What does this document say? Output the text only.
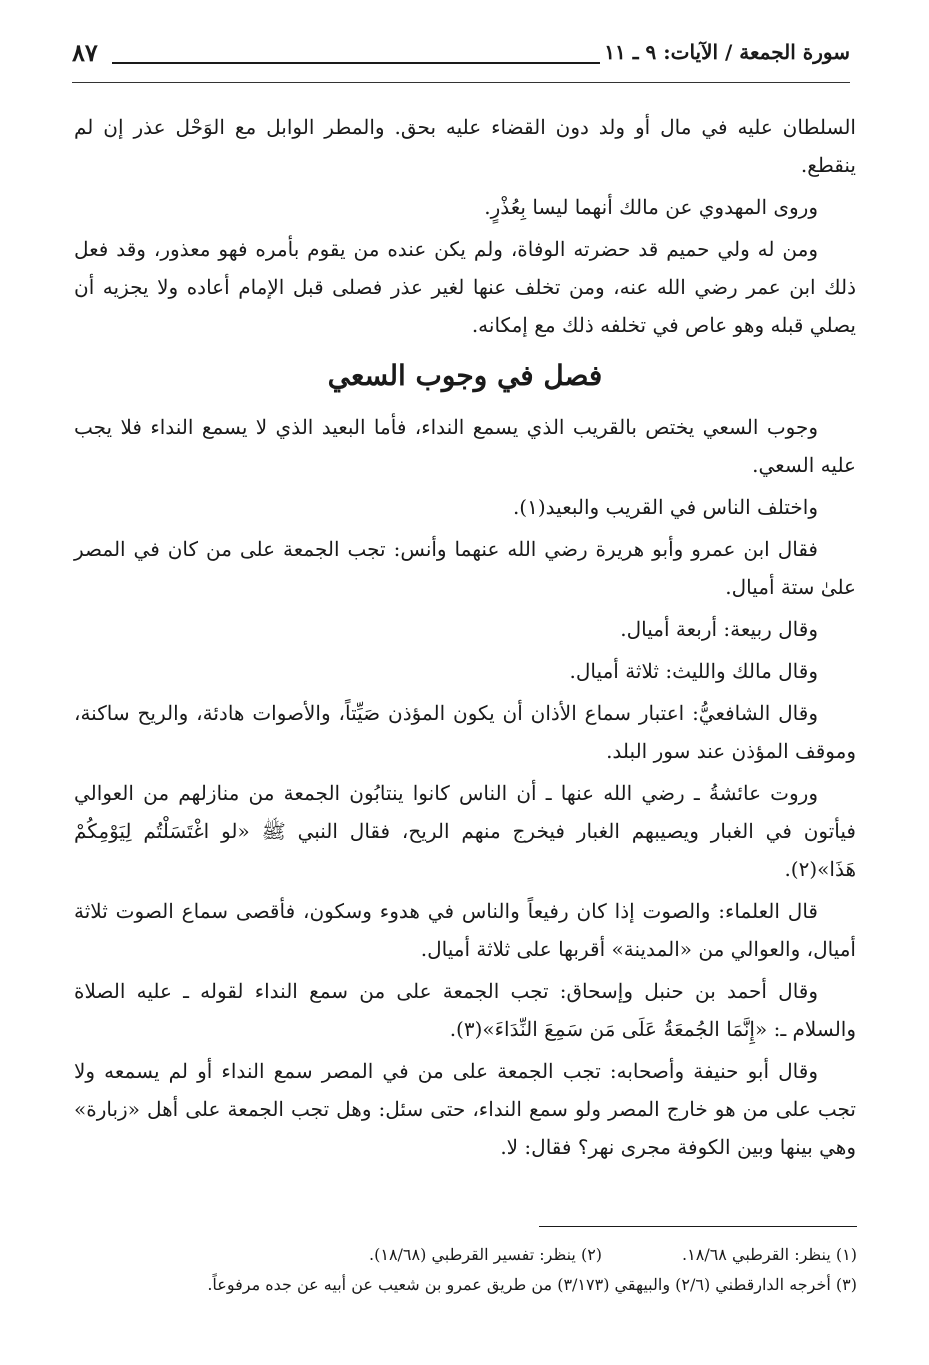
سورة الجمعة / الآيات: ٩ ـ ١١
٨٧

السلطان عليه في مال أو ولد دون القضاء عليه بحق. والمطر الوابل مع الوَحْل عذر إن لم ينقطع.

وروى المهدوي عن مالك أنهما ليسا بِعُذْرٍ.

ومن له ولي حميم قد حضرته الوفاة، ولم يكن عنده من يقوم بأمره فهو معذور، وقد فعل ذلك ابن عمر رضي الله عنه، ومن تخلف عنها لغير عذر فصلى قبل الإمام أعاده ولا يجزيه أن يصلي قبله وهو عاص في تخلفه ذلك مع إمكانه.

فصل في وجوب السعي

وجوب السعي يختص بالقريب الذي يسمع النداء، فأما البعيد الذي لا يسمع النداء فلا يجب عليه السعي.

واختلف الناس في القريب والبعيد(١).

فقال ابن عمرو وأبو هريرة رضي الله عنهما وأنس: تجب الجمعة على من كان في المصر علىٰ ستة أميال.

وقال ربيعة: أربعة أميال.

وقال مالك والليث: ثلاثة أميال.

وقال الشافعيُّ: اعتبار سماع الأذان أن يكون المؤذن صَيِّتاً، والأصوات هادئة، والريح ساكنة، وموقف المؤذن عند سور البلد.

وروت عائشةُ ـ رضي الله عنها ـ أن الناس كانوا ينتابُون الجمعة من منازلهم من العوالي فيأتون في الغبار ويصيبهم الغبار فيخرج منهم الريح، فقال النبي ﷺ «لو اغْتَسَلْتُم لِيَوْمِكُمْ هَذَا»(٢).

قال العلماء: والصوت إذا كان رفيعاً والناس في هدوء وسكون، فأقصى سماع الصوت ثلاثة أميال، والعوالي من «المدينة» أقربها على ثلاثة أميال.

وقال أحمد بن حنبل وإسحاق: تجب الجمعة على من سمع النداء لقوله ـ عليه الصلاة والسلام ـ: «إِنَّمَا الجُمعَةُ عَلَى مَن سَمِعَ النِّدَاءَ»(٣).

وقال أبو حنيفة وأصحابه: تجب الجمعة على من في المصر سمع النداء أو لم يسمعه ولا تجب على من هو خارج المصر ولو سمع النداء، حتى سئل: وهل تجب الجمعة على أهل «زبارة» وهي بينها وبين الكوفة مجرى نهر؟ فقال: لا.

(١) ينظر: القرطبي ١٨/٦٨.
(٢) ينظر: تفسير القرطبي (١٨/٦٨).
(٣) أخرجه الدارقطني (٢/٦) والبيهقي (٣/١٧٣) من طريق عمرو بن شعيب عن أبيه عن جده مرفوعاً.
